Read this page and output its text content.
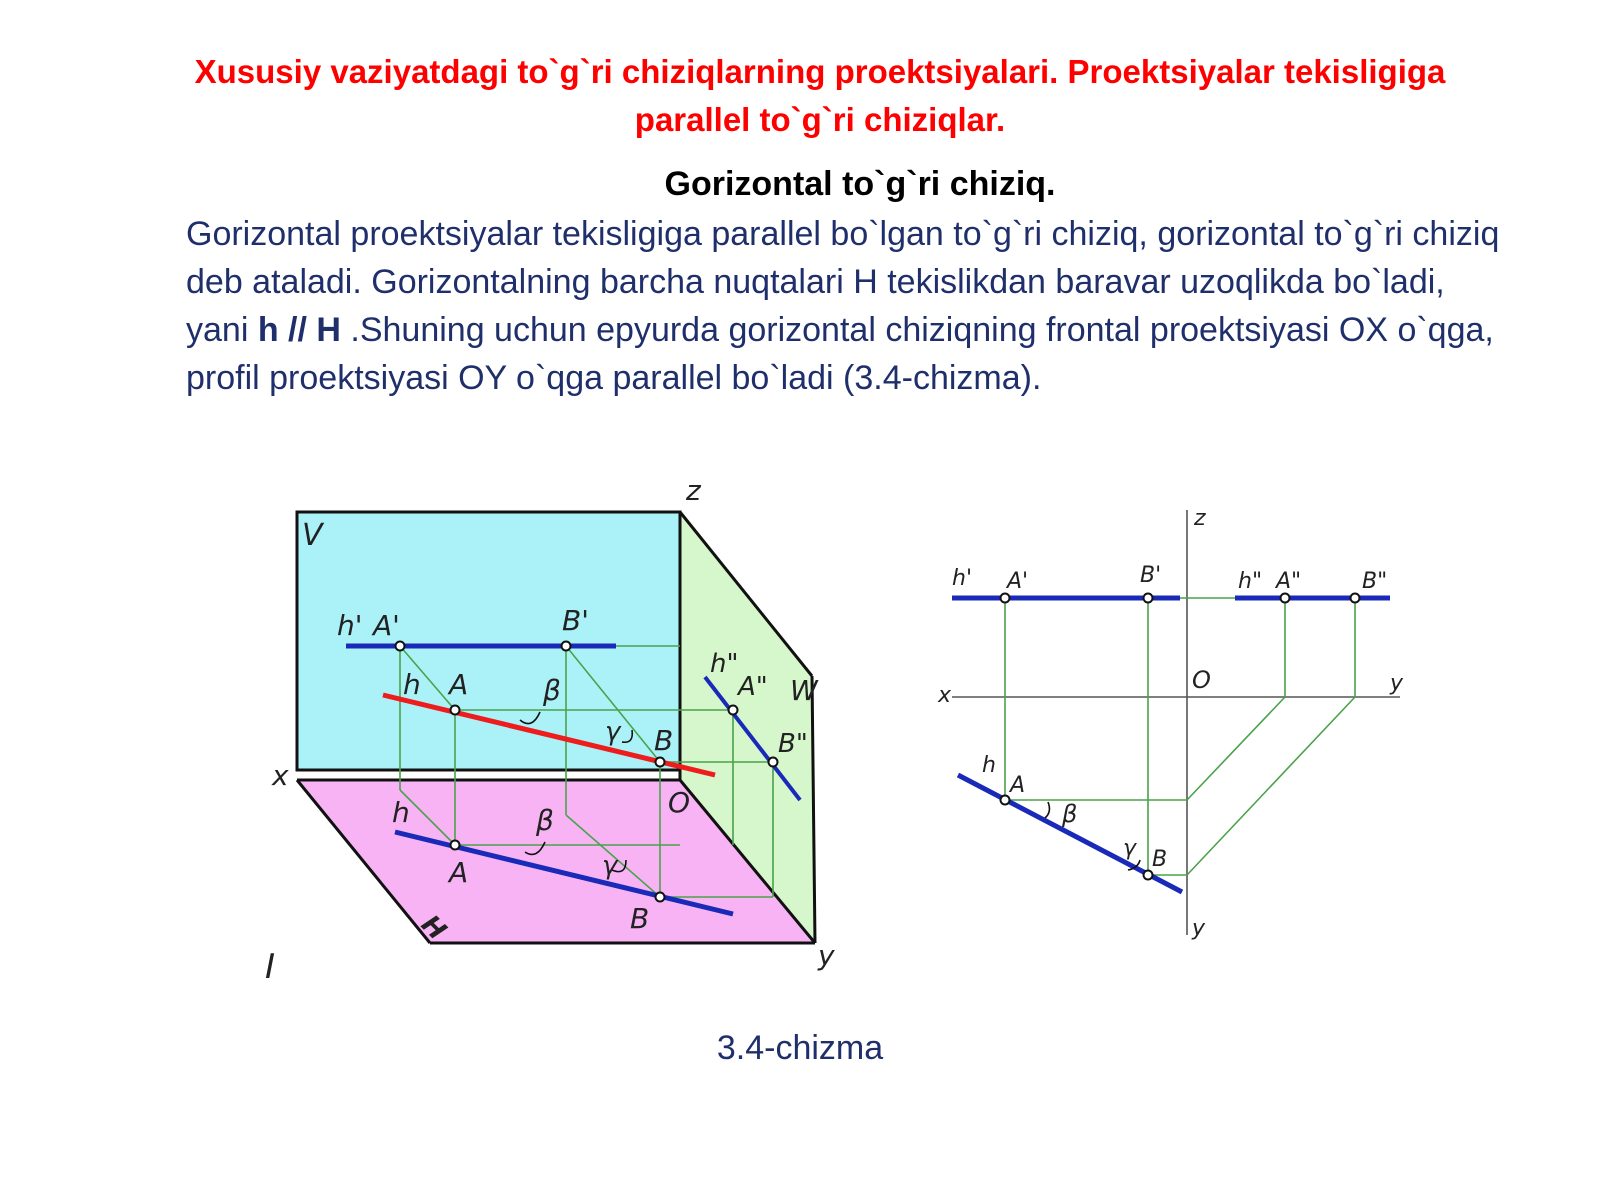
Xususiy vaziyatdagi to`g`ri chiziqlarning proektsiyalari. Proektsiyalar tekisligiga
parallel to`g`ri chiziqlar.
Gorizontal to`g`ri chiziq.

Gorizontal proektsiyalar tekisligiga parallel bo`lgan to`g`ri chiziq, gorizontal to`g`ri chiziq deb ataladi. Gorizontalning barcha nuqtalari H tekislikdan baravar uzoqlikda bo`ladi, yani h // H .Shuning uchun epyurda gorizontal chiziqning frontal proektsiyasi OX o`qga, profil proektsiyasi OY o`qga parallel bo`ladi (3.4-chizma).

V
H
W
x
y
z
O
h' A'	B'
h A
B
β
γ
h"
A"
B"
h
A
B
β
γ
I
z
x
O	y
y
h' A'	B'	h" A"	B"
h
A
B
β
γ

3.4-chizma
